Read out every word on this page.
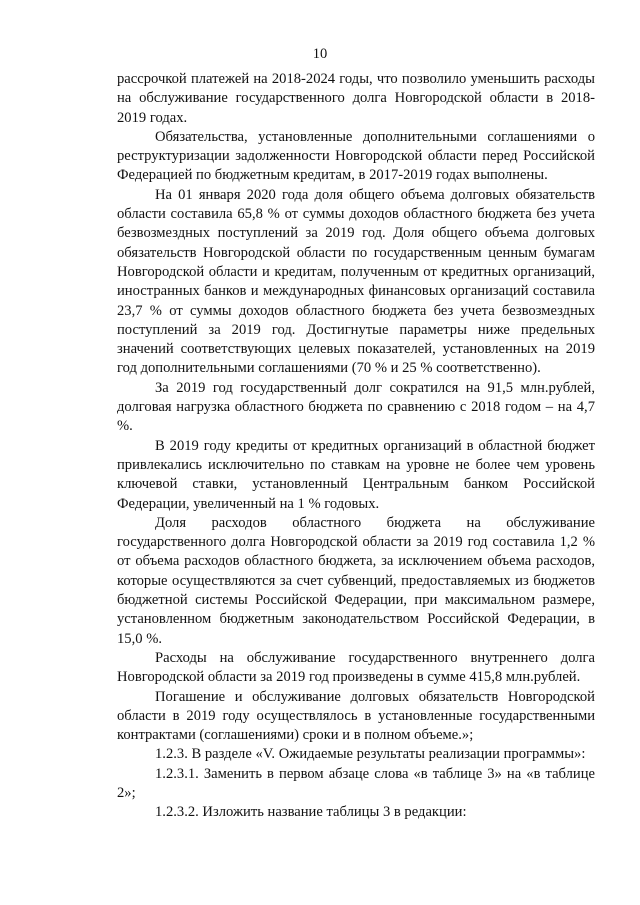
10

рассрочкой платежей на 2018-2024 годы, что позволило уменьшить расходы на обслуживание государственного долга Новгородской области в 2018-2019 годах.

Обязательства, установленные дополнительными соглашениями о реструктуризации задолженности Новгородской области перед Российской Федерацией по бюджетным кредитам, в 2017-2019 годах выполнены.

На 01 января 2020 года доля общего объема долговых обязательств области составила 65,8 % от суммы доходов областного бюджета без учета безвозмездных поступлений за 2019 год. Доля общего объема долговых обязательств Новгородской области по государственным ценным бумагам Новгородской области и кредитам, полученным от кредитных организаций, иностранных банков и международных финансовых организаций составила 23,7 % от суммы доходов областного бюджета без учета безвозмездных поступлений за 2019 год. Достигнутые параметры ниже предельных значений соответствующих целевых показателей, установленных на 2019 год дополнительными соглашениями (70 % и 25 % соответственно).

За 2019 год государственный долг сократился на 91,5 млн.рублей, долговая нагрузка областного бюджета по сравнению с 2018 годом – на 4,7 %.

В 2019 году кредиты от кредитных организаций в областной бюджет привлекались исключительно по ставкам на уровне не более чем уровень ключевой ставки, установленный Центральным банком Российской Федерации, увеличенный на 1 % годовых.

Доля расходов областного бюджета на обслуживание государственного долга Новгородской области за 2019 год составила 1,2 % от объема расходов областного бюджета, за исключением объема расходов, которые осуществляются за счет субвенций, предоставляемых из бюджетов бюджетной системы Российской Федерации, при максимальном размере, установленном бюджетным законодательством Российской Федерации, в 15,0 %.

Расходы на обслуживание государственного внутреннего долга Новгородской области за 2019 год произведены в сумме 415,8 млн.рублей.

Погашение и обслуживание долговых обязательств Новгородской области в 2019 году осуществлялось в установленные государственными контрактами (соглашениями) сроки и в полном объеме.»;

1.2.3. В разделе «V. Ожидаемые результаты реализации программы»:

1.2.3.1. Заменить в первом абзаце слова «в таблице 3» на «в таблице 2»;

1.2.3.2. Изложить название таблицы 3 в редакции:
